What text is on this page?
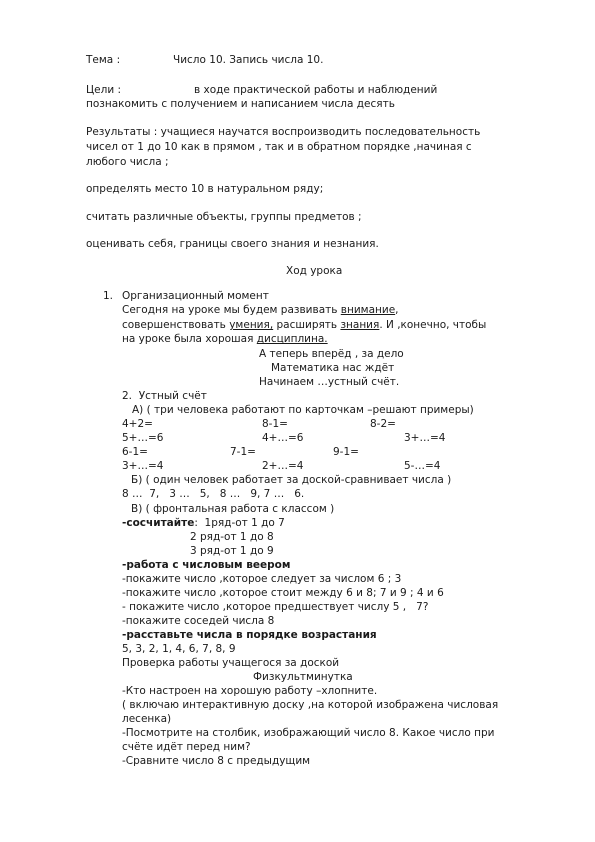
Тема :	Число 10. Запись числа 10.
Цели :	в ходе практической работы и наблюдений
познакомить с получением и написанием числа десять
Результаты : учащиеся научатся воспроизводить последовательность
чисел от 1 до 10 как в прямом , так и в обратном порядке ,начиная с
любого числа ;
определять место 10 в натуральном ряду;
считать различные объекты, группы предметов ;
оценивать себя, границы своего знания и незнания.
Ход урока
1. Организационный момент
Сегодня на уроке мы будем развивать внимание,
совершенствовать умения, расширять знания. И ,конечно, чтобы
на уроке была хорошая дисциплина.
А теперь вперёд , за дело
Математика нас ждёт
Начинаем …устный счёт.
2.  Устный счёт
А) ( три человека работают по карточкам –решают примеры)
4+2=	8-1=	8-2=
5+…=6	4+…=6	3+…=4
6-1=	7-1=	9-1=
3+…=4	2+…=4	5-…=4
Б) ( один человек работает за доской-сравнивает числа )
8 …  7,   3 …   5,   8 …   9, 7 …   6.
В) ( фронтальная работа с классом )
-сосчитайте:  1ряд-от 1 до 7
2 ряд-от 1 до 8
3 ряд-от 1 до 9
-работа с числовым веером
-покажите число ,которое следует за числом 6 ; 3
-покажите число ,которое стоит между 6 и 8; 7 и 9 ; 4 и 6
- покажите число ,которое предшествует числу 5 ,   7?
-покажите соседей числа 8
-расставьте числа в порядке возрастания
5, 3, 2, 1, 4, 6, 7, 8, 9
Проверка работы учащегося за доской
Физкультминутка
-Кто настроен на хорошую работу –хлопните.
( включаю интерактивную доску ,на которой изображена числовая
лесенка)
-Посмотрите на столбик, изображающий число 8. Какое число при
счёте идёт перед ним?
-Сравните число 8 с предыдущим
